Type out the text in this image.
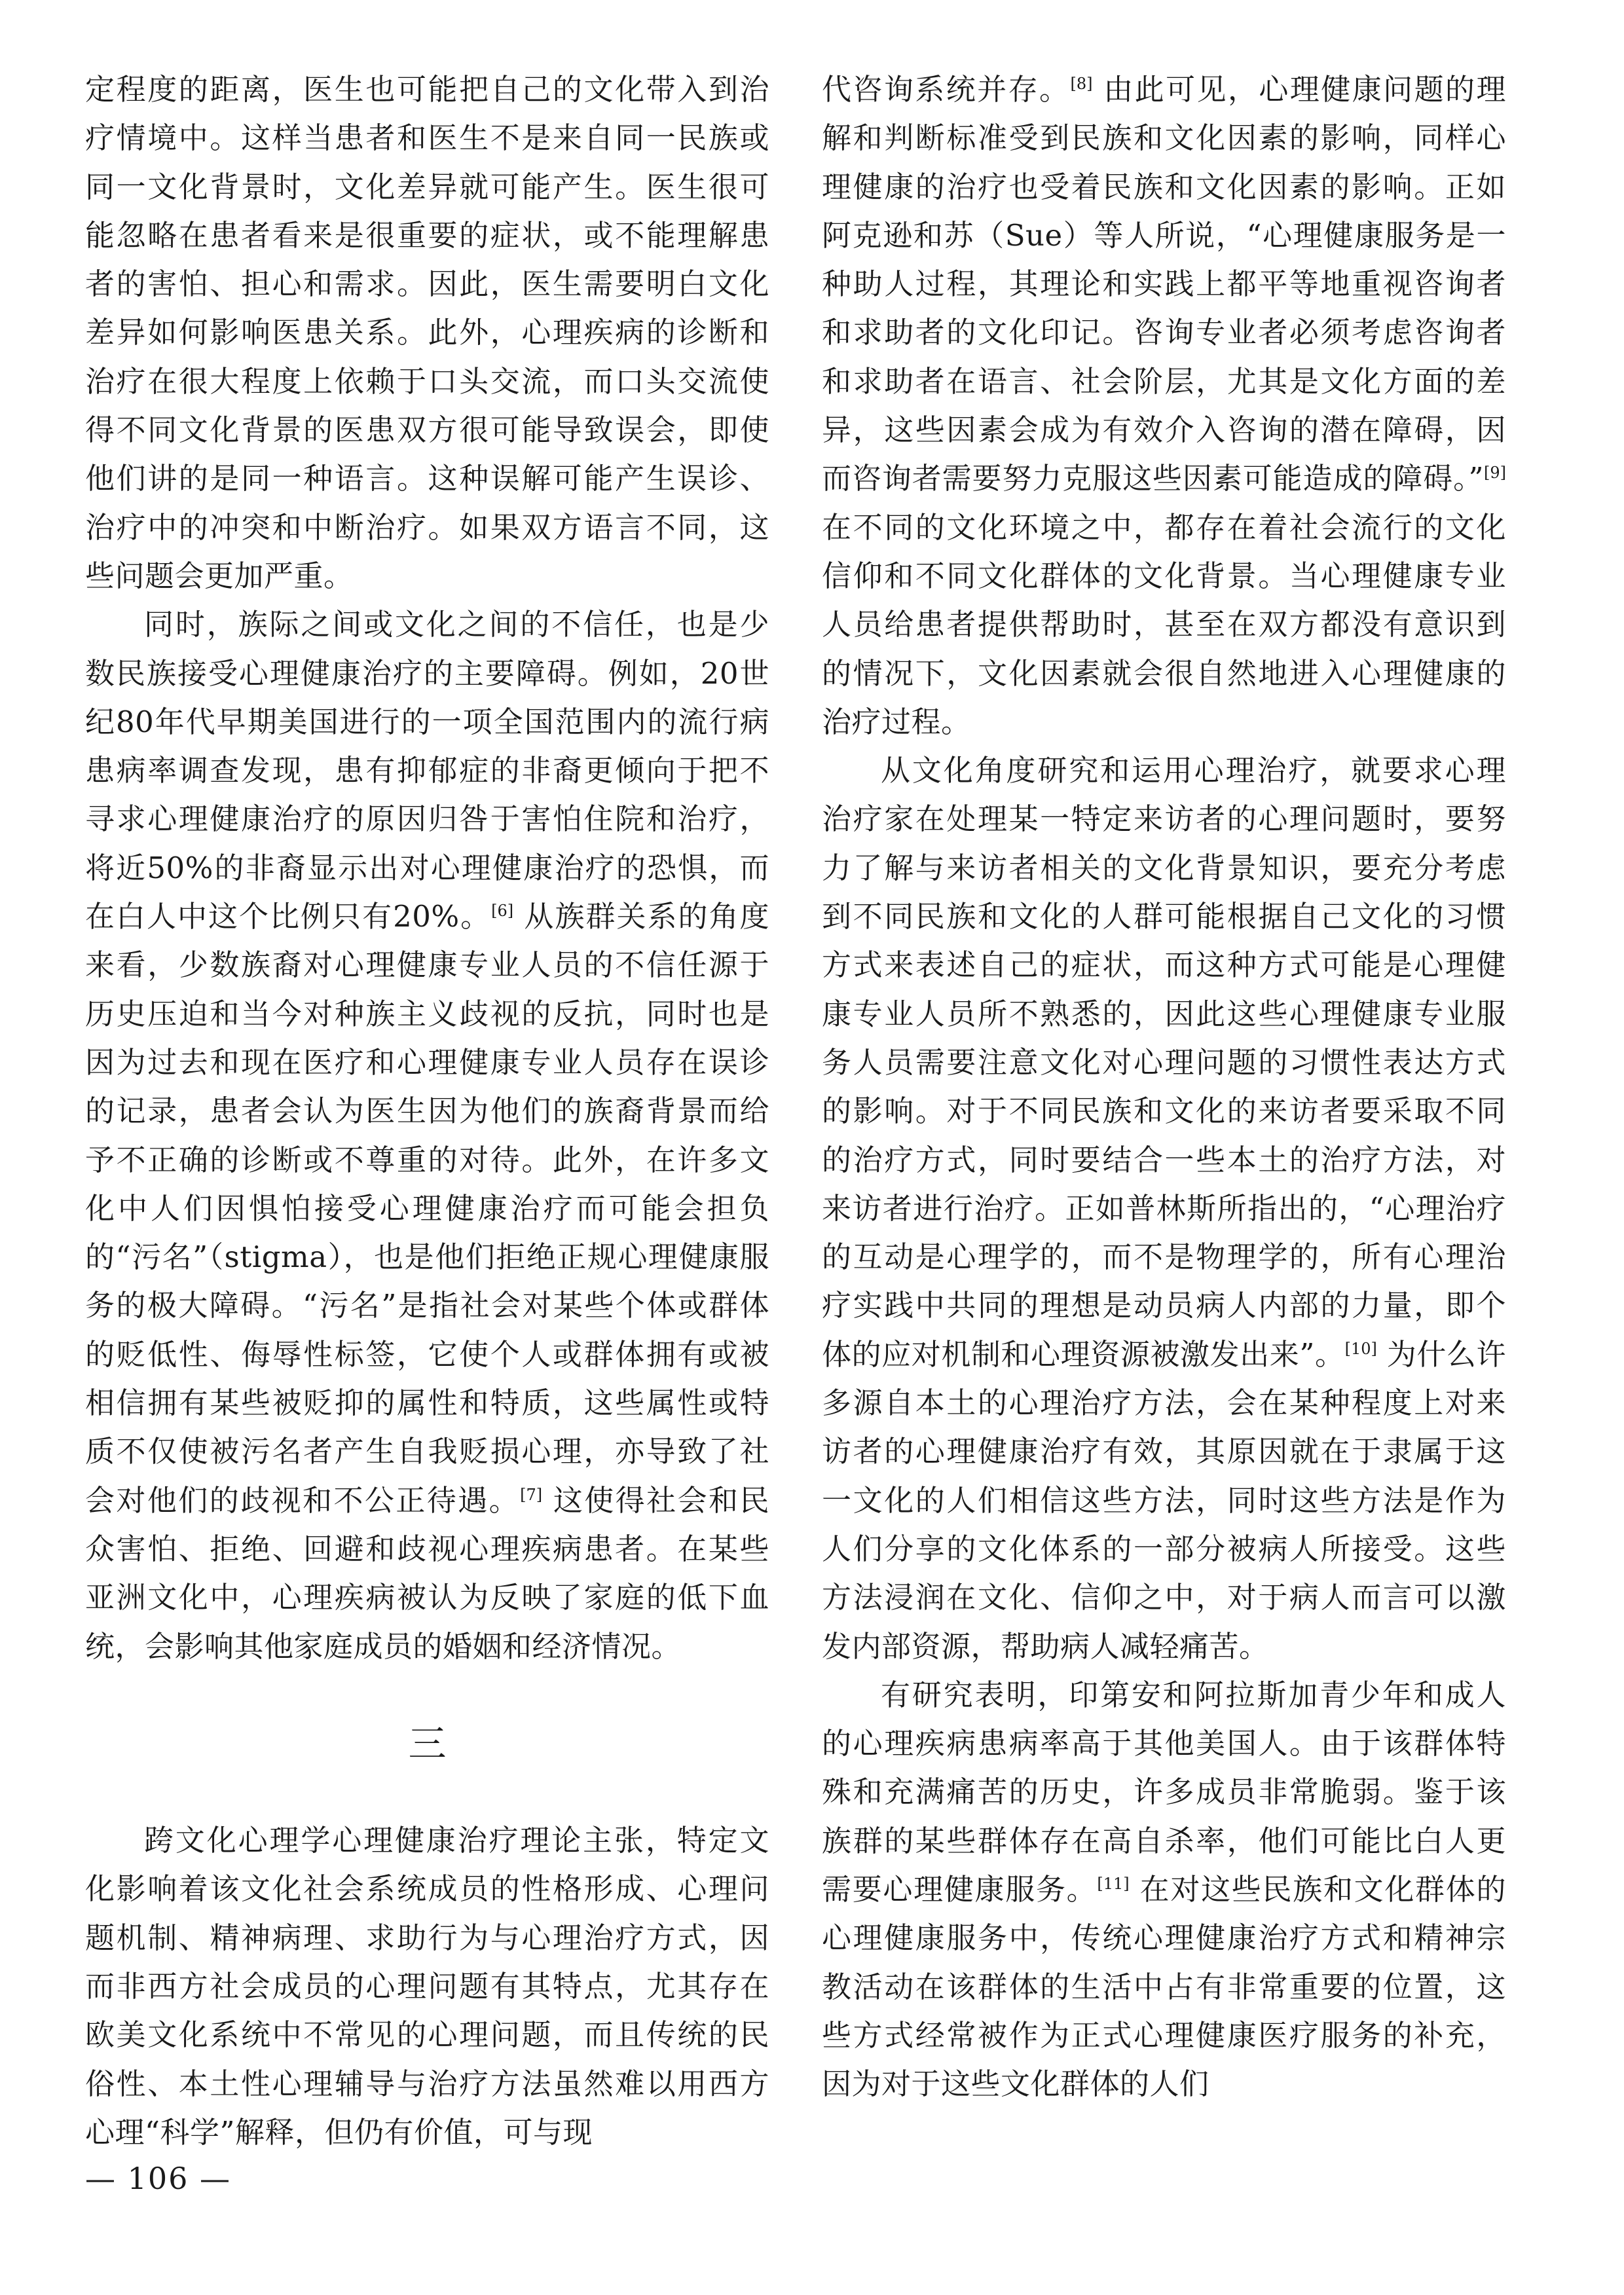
定程度的距离，医生也可能把自己的文化带入到治疗情境中。这样当患者和医生不是来自同一民族或同一文化背景时，文化差异就可能产生。医生很可能忽略在患者看来是很重要的症状，或不能理解患者的害怕、担心和需求。因此，医生需要明白文化差异如何影响医患关系。此外，心理疾病的诊断和治疗在很大程度上依赖于口头交流，而口头交流使得不同文化背景的医患双方很可能导致误会，即使他们讲的是同一种语言。这种误解可能产生误诊、治疗中的冲突和中断治疗。如果双方语言不同，这些问题会更加严重。

同时，族际之间或文化之间的不信任，也是少数民族接受心理健康治疗的主要障碍。例如，20世纪80年代早期美国进行的一项全国范围内的流行病患病率调查发现，患有抑郁症的非裔更倾向于把不寻求心理健康治疗的原因归咎于害怕住院和治疗，将近50%的非裔显示出对心理健康治疗的恐惧，而在白人中这个比例只有20%。[6] 从族群关系的角度来看，少数族裔对心理健康专业人员的不信任源于历史压迫和当今对种族主义歧视的反抗，同时也是因为过去和现在医疗和心理健康专业人员存在误诊的记录，患者会认为医生因为他们的族裔背景而给予不正确的诊断或不尊重的对待。此外，在许多文化中人们因惧怕接受心理健康治疗而可能会担负的“污名”（stigma），也是他们拒绝正规心理健康服务的极大障碍。“污名”是指社会对某些个体或群体的贬低性、侮辱性标签，它使个人或群体拥有或被相信拥有某些被贬抑的属性和特质，这些属性或特质不仅使被污名者产生自我贬损心理，亦导致了社会对他们的歧视和不公正待遇。[7] 这使得社会和民众害怕、拒绝、回避和歧视心理疾病患者。在某些亚洲文化中，心理疾病被认为反映了家庭的低下血统，会影响其他家庭成员的婚姻和经济情况。

三

跨文化心理学心理健康治疗理论主张，特定文化影响着该文化社会系统成员的性格形成、心理问题机制、精神病理、求助行为与心理治疗方式，因而非西方社会成员的心理问题有其特点，尤其存在欧美文化系统中不常见的心理问题，而且传统的民俗性、本土性心理辅导与治疗方法虽然难以用西方心理“科学”解释，但仍有价值，可与现

代咨询系统并存。[8] 由此可见，心理健康问题的理解和判断标准受到民族和文化因素的影响，同样心理健康的治疗也受着民族和文化因素的影响。正如阿克逊和苏（Sue）等人所说，“心理健康服务是一种助人过程，其理论和实践上都平等地重视咨询者和求助者的文化印记。咨询专业者必须考虑咨询者和求助者在语言、社会阶层，尤其是文化方面的差异，这些因素会成为有效介入咨询的潜在障碍，因而咨询者需要努力克服这些因素可能造成的障碍。”[9] 在不同的文化环境之中，都存在着社会流行的文化信仰和不同文化群体的文化背景。当心理健康专业人员给患者提供帮助时，甚至在双方都没有意识到的情况下，文化因素就会很自然地进入心理健康的治疗过程。

从文化角度研究和运用心理治疗，就要求心理治疗家在处理某一特定来访者的心理问题时，要努力了解与来访者相关的文化背景知识，要充分考虑到不同民族和文化的人群可能根据自己文化的习惯方式来表述自己的症状，而这种方式可能是心理健康专业人员所不熟悉的，因此这些心理健康专业服务人员需要注意文化对心理问题的习惯性表达方式的影响。对于不同民族和文化的来访者要采取不同的治疗方式，同时要结合一些本土的治疗方法，对来访者进行治疗。正如普林斯所指出的，“心理治疗的互动是心理学的，而不是物理学的，所有心理治疗实践中共同的理想是动员病人内部的力量，即个体的应对机制和心理资源被激发出来”。[10] 为什么许多源自本土的心理治疗方法，会在某种程度上对来访者的心理健康治疗有效，其原因就在于隶属于这一文化的人们相信这些方法，同时这些方法是作为人们分享的文化体系的一部分被病人所接受。这些方法浸润在文化、信仰之中，对于病人而言可以激发内部资源，帮助病人减轻痛苦。

有研究表明，印第安和阿拉斯加青少年和成人的心理疾病患病率高于其他美国人。由于该群体特殊和充满痛苦的历史，许多成员非常脆弱。鉴于该族群的某些群体存在高自杀率，他们可能比白人更需要心理健康服务。[11] 在对这些民族和文化群体的心理健康服务中，传统心理健康治疗方式和精神宗教活动在该群体的生活中占有非常重要的位置，这些方式经常被作为正式心理健康医疗服务的补充，因为对于这些文化群体的人们

— 106 —
